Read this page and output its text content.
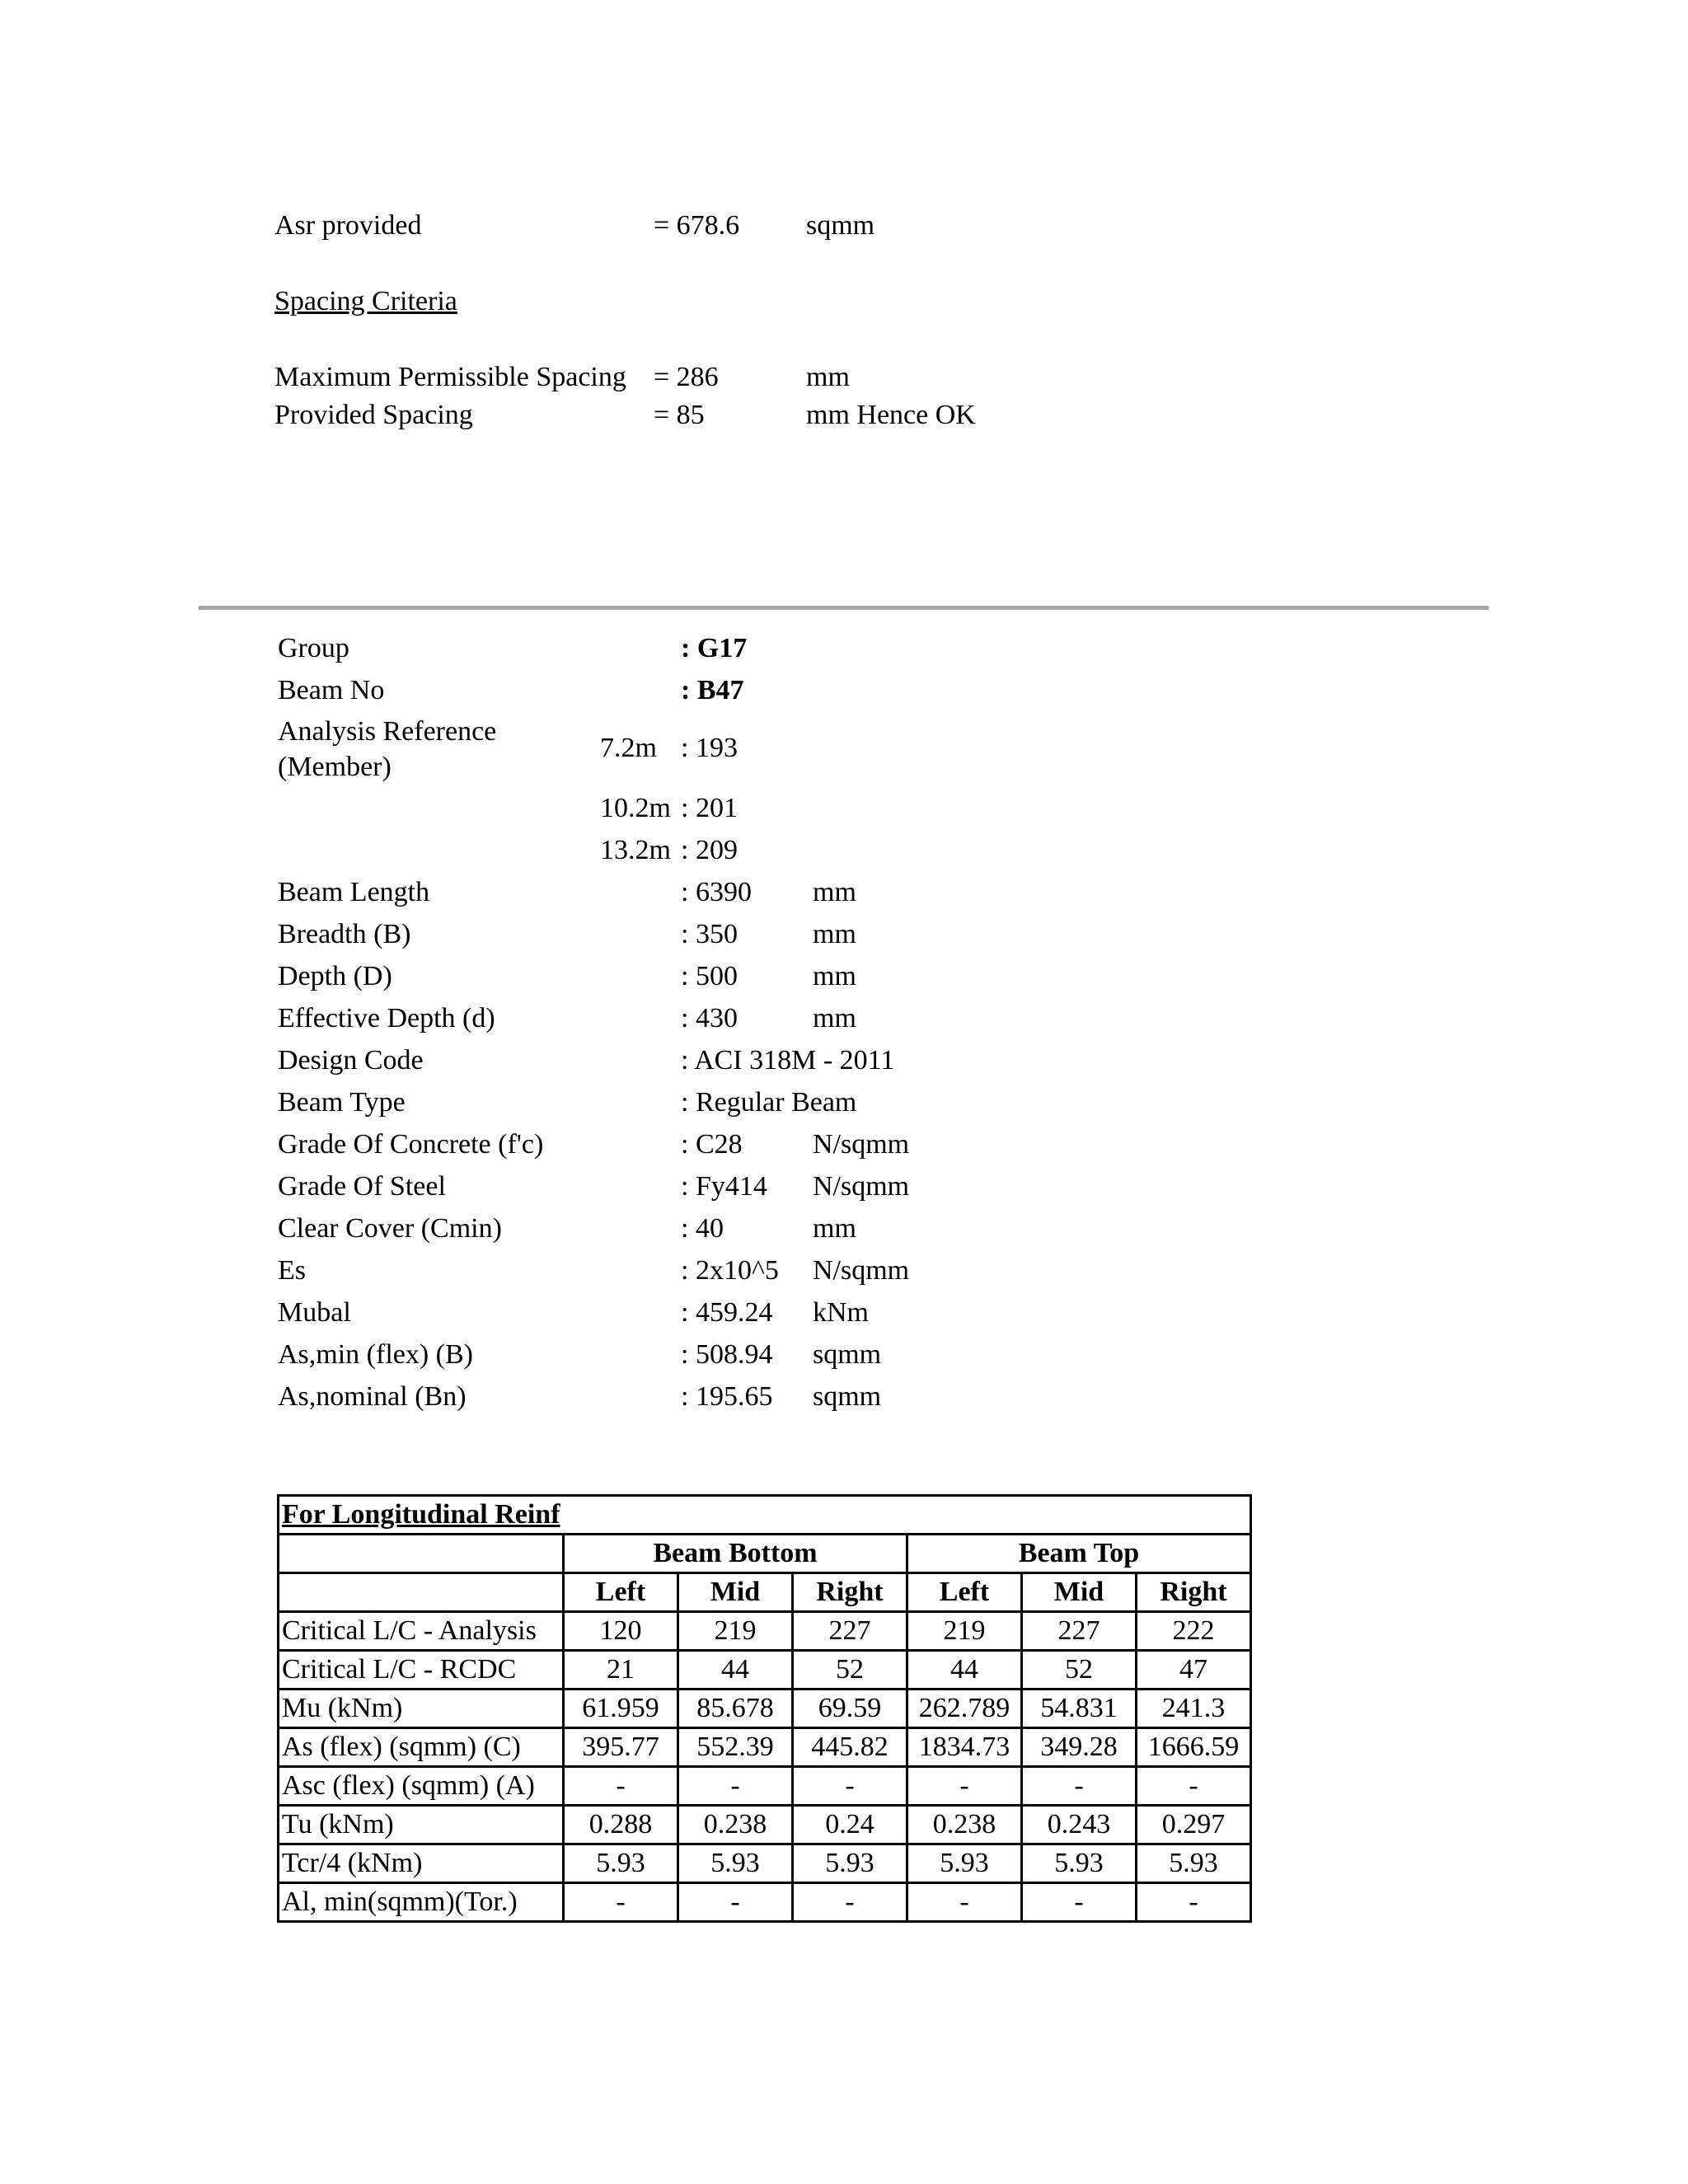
Asr provided	= 678.6 sqmm
Spacing Criteria
Maximum Permissible Spacing = 286	mm
Provided Spacing	= 85	mm Hence OK
Group	: G17
Beam No	: B47
Analysis Reference
(Member)
7.2m : 193
10.2m : 201
13.2m : 209
Beam Length	: 6390 mm
Breadth (B)	: 350	mm
Depth (D)	: 500	mm
Effective Depth (d)	: 430	mm
Design Code	: ACI 318M - 2011
Beam Type	: Regular Beam
Grade Of Concrete (f'c)	: C28	N/sqmm
Grade Of Steel	: Fy414 N/sqmm
Clear Cover (Cmin)	: 40	mm
Es	: 2x10^5 N/sqmm
Mubal	: 459.24 kNm
As,min (flex) (B)	: 508.94 sqmm
As,nominal (Bn)	: 195.65 sqmm
For Longitudinal Reinf						
	Beam Bottom			Beam Top		
	Left	Mid	Right	Left	Mid	Right
Critical L/C - Analysis	120	219	227	219	227	222
Critical L/C - RCDC	21	44	52	44	52	47
Mu (kNm)	61.959	85.678	69.59	262.789	54.831	241.3
As (flex) (sqmm) (C)	395.77	552.39	445.82	1834.73	349.28	1666.59
Asc (flex) (sqmm) (A)	-	-	-	-	-	-
Tu (kNm)	0.288	0.238	0.24	0.238	0.243	0.297
Tcr/4 (kNm)	5.93	5.93	5.93	5.93	5.93	5.93
Al, min(sqmm)(Tor.)	-	-	-	-	-	-
